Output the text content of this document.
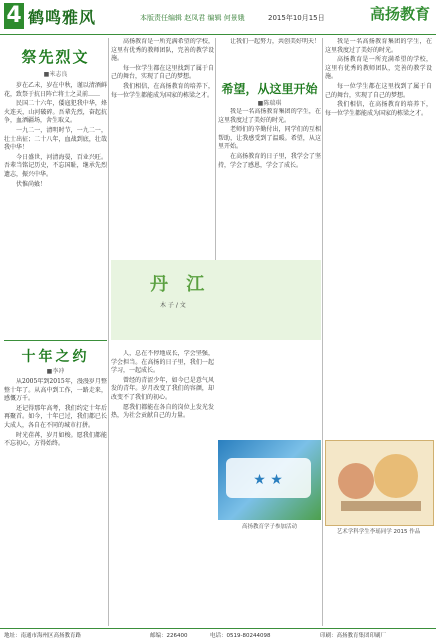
4 鹤鸣雅风	本版责任编辑 赵凤君 编辑 何景娥	2015年10月15日	高扬教育
祭先烈文
■米志良

岁在乙未，岁在中秋，谨以清酒鲜花，致祭于抗日阵亡将士之灵前……

民国二十六年，倭寇犯我中华，烽火连天，山河破碎。吾辈先烈，奋起抗争，血洒疆场，舍生取义。

一九二一，清明时节，一九二一，壮士出征；二十八年，血战到底，壮哉我中华！

今日盛世，河清海晏，百业兴旺。吾辈当铭记历史，不忘国耻，继承先烈遗志，振兴中华。

伏惟尚飨！

十年之约
■李冲

从2005年到2015年，漫漫岁月整整十年了。从高中到工作，一路走来，感慨万千。

还记得那年高考，我们约定十年后再聚首。如今，十年已过，我们都已长大成人，各自在不同的城市打拼。

时光荏苒，岁月如梭。愿我们都能不忘初心，方得始终。

高扬教育是一所充满希望的学校，这里有优秀的教师团队，完善的教学设施。

每一位学生都在这里找到了属于自己的舞台，实现了自己的梦想。

我们相信，在高扬教育的培养下，每一位学生都能成为国家的栋梁之才。

让我们一起努力，共创美好明天！

希望，从这里开始
■陈瑞琪

我是一名高扬教育集团的学生，在这里我度过了美好的时光。

老师们的辛勤付出，同学们的互相帮助，让我感受到了温暖。希望，从这里开始。

在高扬教育的日子里，我学会了坚持，学会了感恩，学会了成长。

丹 江
木 子 / 文

人，总在不停地成长，学会坚强，学会担当。在高扬的日子里，我们一起学习，一起成长。

曾经的青涩少年，如今已是意气风发的青年。岁月改变了我们的容颜，却改变不了我们的初心。

愿我们都能在各自的岗位上发光发热，为社会贡献自己的力量。

★ ★
高扬教育学子参加活动

我是一名高扬教育集团的学生，在这里我度过了美好的时光。

高扬教育是一所充满希望的学校，这里有优秀的教师团队，完善的教学设施。

每一位学生都在这里找到了属于自己的舞台，实现了自己的梦想。

我们相信，在高扬教育的培养下，每一位学生都能成为国家的栋梁之才。

艺术学科学生李瑶同学 2015 作品
地址：南通市海州区高扬教育路	邮编：226400	电话：0519-80244098	印刷：高扬教育集团印刷厂
